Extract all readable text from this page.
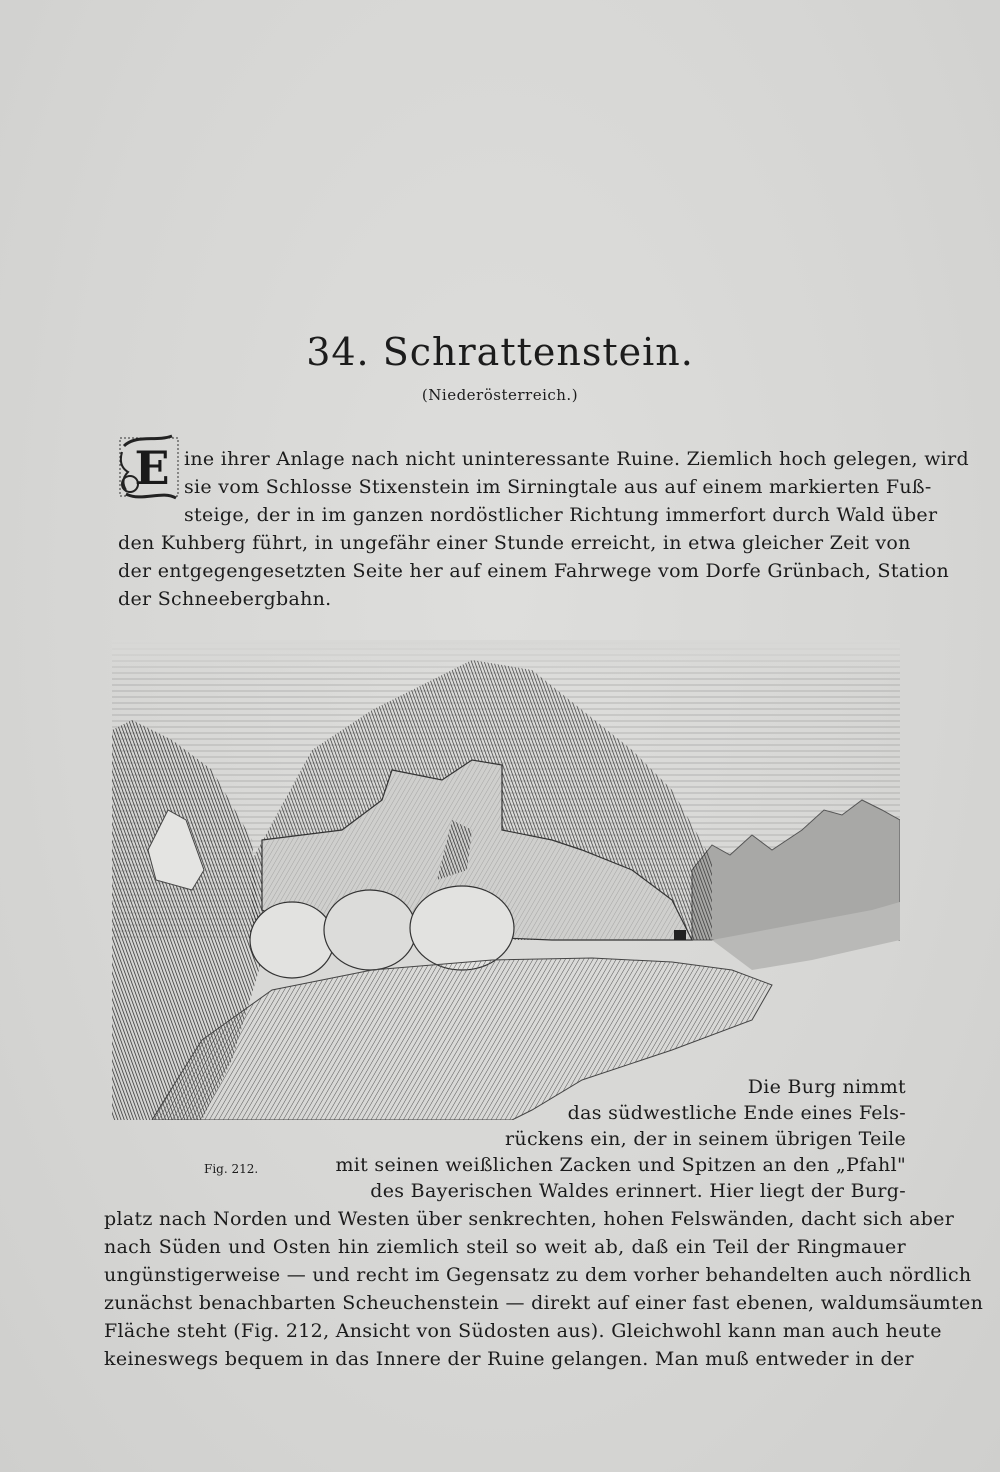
34. Schrattenstein.
(Niederösterreich.)
E ine ihrer Anlage nach nicht uninteressante Ruine. Ziemlich hoch gelegen, wird
sie vom Schlosse Stixenstein im Sirningtale aus auf einem markierten Fuß-
steige, der in im ganzen nordöstlicher Richtung immerfort durch Wald über
den Kuhberg führt, in ungefähr einer Stunde erreicht, in etwa gleicher Zeit von
der entgegengesetzten Seite her auf einem Fahrwege vom Dorfe Grünbach, Station
der Schneebergbahn.
Fig. 212.
Die Burg nimmt
das südwestliche Ende eines Fels-
rückens ein, der in seinem übrigen Teile
mit seinen weißlichen Zacken und Spitzen an den „Pfahl"
des Bayerischen Waldes erinnert. Hier liegt der Burg-
platz nach Norden und Westen über senkrechten, hohen Felswänden, dacht sich aber
nach Süden und Osten hin ziemlich steil so weit ab, daß ein Teil der Ringmauer
ungünstigerweise — und recht im Gegensatz zu dem vorher behandelten auch nördlich
zunächst benachbarten Scheuchenstein — direkt auf einer fast ebenen, waldumsäumten
Fläche steht (Fig. 212, Ansicht von Südosten aus). Gleichwohl kann man auch heute
keineswegs bequem in das Innere der Ruine gelangen. Man muß entweder in der
